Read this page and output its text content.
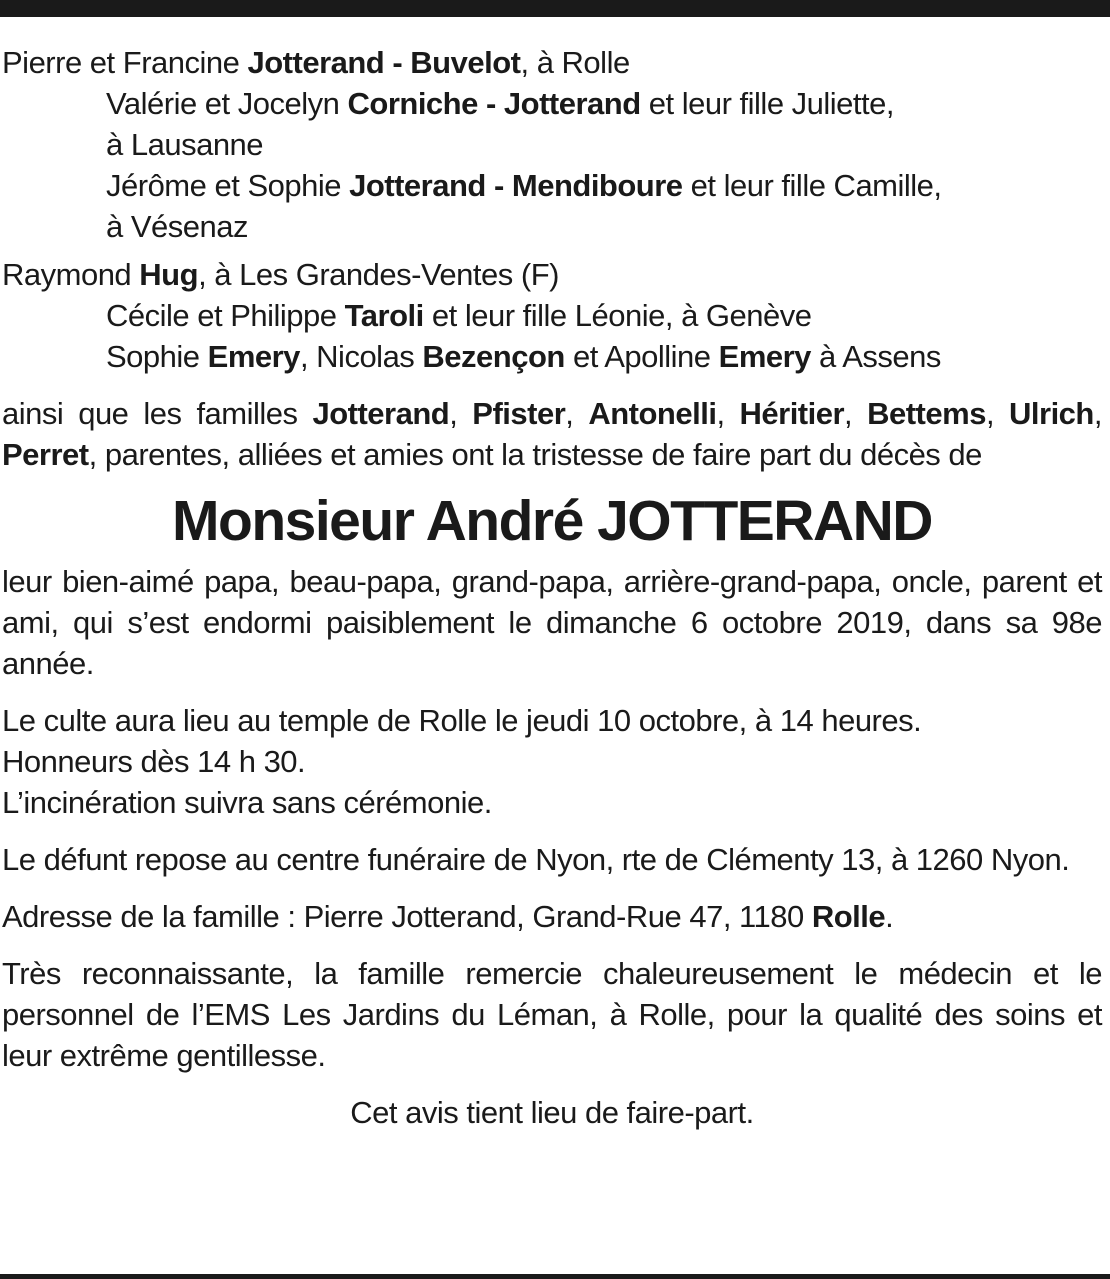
Pierre et Francine Jotterand - Buvelot, à Rolle
Valérie et Jocelyn Corniche - Jotterand et leur fille Juliette,
à Lausanne
Jérôme et Sophie Jotterand - Mendiboure et leur fille Camille,
à Vésenaz
Raymond Hug, à Les Grandes-Ventes (F)
Cécile et Philippe Taroli et leur fille Léonie, à Genève
Sophie Emery, Nicolas Bezençon et Apolline Emery à Assens
ainsi que les familles Jotterand, Pfister, Antonelli, Héritier, Bettems, Ulrich, Perret, parentes, alliées et amies ont la tristesse de faire part du décès de
Monsieur André JOTTERAND
leur bien-aimé papa, beau-papa, grand-papa, arrière-grand-papa, oncle, parent et ami, qui s’est endormi paisiblement le dimanche 6 octobre 2019, dans sa 98e année.
Le culte aura lieu au temple de Rolle le jeudi 10 octobre, à 14 heures.
Honneurs dès 14 h 30.
L’incinération suivra sans cérémonie.
Le défunt repose au centre funéraire de Nyon, rte de Clémenty 13, à 1260 Nyon.
Adresse de la famille : Pierre Jotterand, Grand-Rue 47, 1180 Rolle.
Très reconnaissante, la famille remercie chaleureusement le médecin et le personnel de l’EMS Les Jardins du Léman, à Rolle, pour la qualité des soins et leur extrême gentillesse.
Cet avis tient lieu de faire-part.
